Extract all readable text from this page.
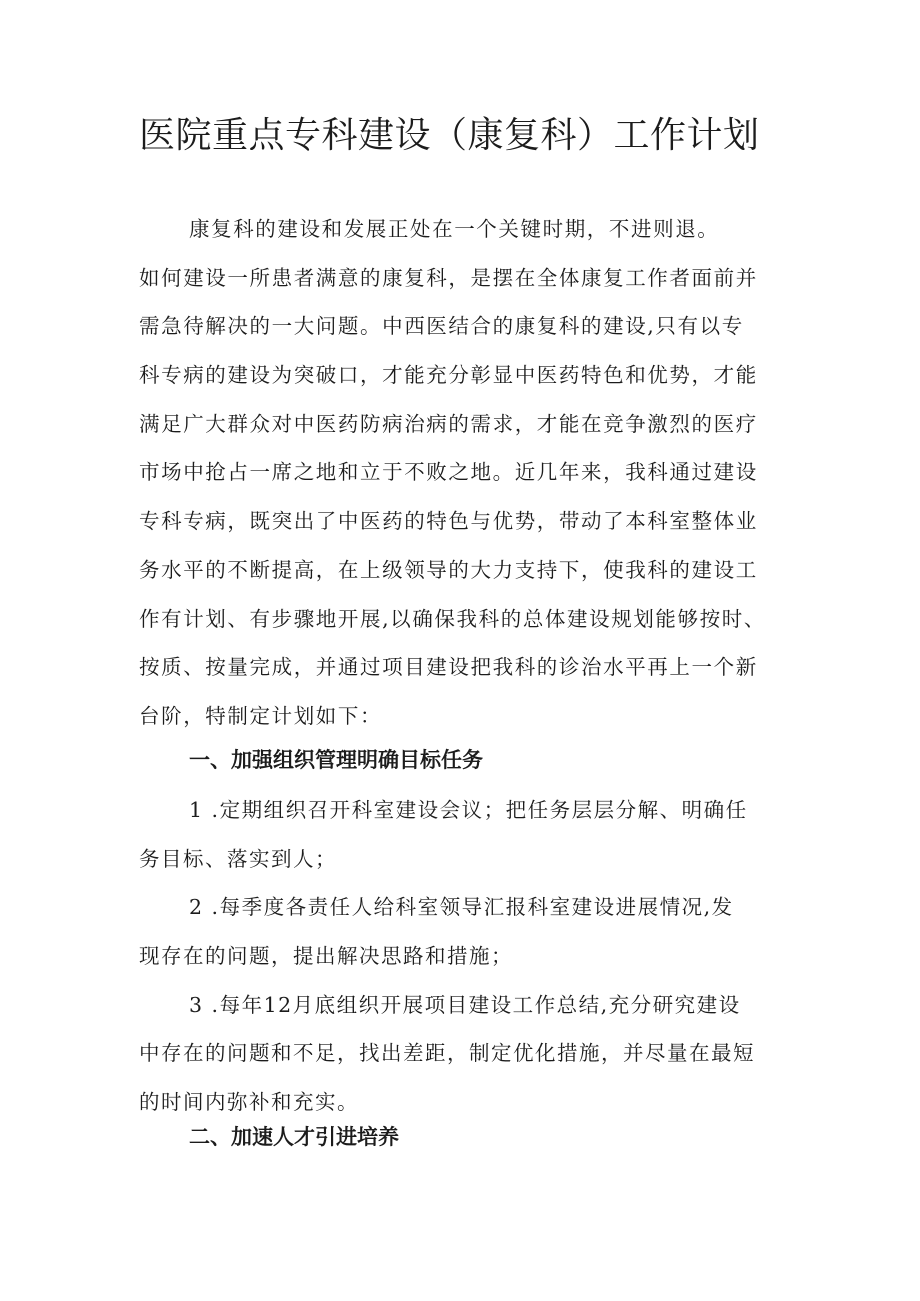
医院重点专科建设（康复科）工作计划
康复科的建设和发展正处在一个关键时期，不进则退。
如何建设一所患者满意的康复科，是摆在全体康复工作者面前并
需急待解决的一大问题。中西医结合的康复科的建设,只有以专
科专病的建设为突破口，才能充分彰显中医药特色和优势，才能
满足广大群众对中医药防病治病的需求，才能在竞争激烈的医疗
市场中抢占一席之地和立于不败之地。近几年来，我科通过建设
专科专病，既突出了中医药的特色与优势，带动了本科室整体业
务水平的不断提高，在上级领导的大力支持下，使我科的建设工
作有计划、有步骤地开展,以确保我科的总体建设规划能够按时、
按质、按量完成，并通过项目建设把我科的诊治水平再上一个新
台阶，特制定计划如下：
一、加强组织管理明确目标任务
1 .定期组织召开科室建设会议；把任务层层分解、明确任
务目标、落实到人；
2 .每季度各责任人给科室领导汇报科室建设进展情况,发
现存在的问题，提出解决思路和措施；
3 .每年12月底组织开展项目建设工作总结,充分研究建设
中存在的问题和不足，找出差距，制定优化措施，并尽量在最短
的时间内弥补和充实。
二、加速人才引进培养
